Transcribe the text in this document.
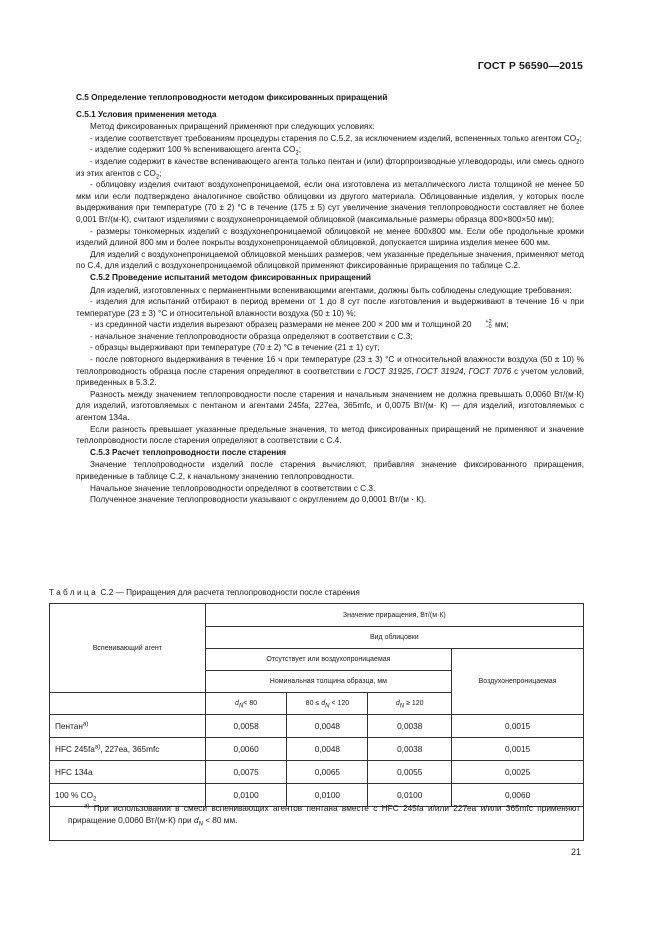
ГОСТ Р 56590—2015

С.5 Определение теплопроводности методом фиксированных приращений

С.5.1 Условия применения метода

Метод фиксированных приращений применяют при следующих условиях:

- изделие соответствует требованиям процедуры старения по С.5.2, за исключением изделий, вспененных только агентом $CO_2$;

- изделие содержит 100 % вспенивающего агента $CO_2$;

- изделие содержит в качестве вспенивающего агента только пентан и (или) фторпроизводные углеводороды, или смесь одного из этих агентов с $CO_2$;

- облицовку изделия считают воздухонепроницаемой, если она изготовлена из металлического листа толщиной не менее 50 мкм или если подтверждено аналогичное свойство облицовки из другого материала. Облицованные изделия, у которых после выдерживания при температуре (70 ± 2) °С в течение (175 ± 5) сут увеличение значения теплопроводности составляет не более 0,001 Вт/(м·К), считают изделиями с воздухонепроницаемой облицовкой (максимальные размеры образца 800×800×50 мм);

- размеры тонкомерных изделий с воздухонепроницаемой облицовкой не менее 600х800 мм. Если обе продольные кромки изделий длиной 800 мм и более покрыты воздухонепроницаемой облицовкой, допускается ширина изделия менее 600 мм.

Для изделий с воздухонепроницаемой облицовкой меньших размеров, чем указанные предельные значения, применяют метод по С.4, для изделий с воздухонепроницаемой облицовкой применяют фиксированные приращения по таблице С.2.

С.5.2 Проведение испытаний методом фиксированных приращений

Для изделий, изготовленных с перманентными вспенивающими агентами, должны быть соблюдены следующие требования:

- изделия для испытаний отбирают в период времени от 1 до 8 сут после изготовления и выдерживают в течение 16 ч при температуре (23 ± 3) °С и относительной влажности воздуха (50 ± 10) %;

- из срединной части изделия вырезают образец размерами не менее 200 × 200 мм и толщиной 20	+2
−0 мм;

- начальное значение теплопроводности образца определяют в соответствии с С.3;

- образцы выдерживают при температуре (70 ± 2) °С в течение (21 ± 1) сут;

- после повторного выдерживания в течение 16 ч при температуре (23 ± 3) °С и относительной влажности воздуха (50 ± 10) % теплопроводность образца после старения определяют в соответствии с ГОСТ 31925, ГОСТ 31924, ГОСТ 7076 с учетом условий, приведенных в 5.3.2.

Разность между значением теплопроводности после старения и начальным значением не должна превышать 0,0060 Вт/(м·К) для изделий, изготовляемых с пентаном и агентами 245fa, 227еа, 365mfc, и 0,0075 Вт/(м· К) — для изделий, изготовляемых с агентом 134a.

Если разность превышает указанные предельные значения, то метод фиксированных приращений не применяют и значение теплопроводности после старения определяют в соответствии с С.4.

С.5.3 Расчет теплопроводности после старения

Значение теплопроводности изделий после старения вычисляют, прибавляя значение фиксированного приращения, приведенные в таблице С.2, к начальному значению теплопроводности.

Начальное значение теплопроводности определяют в соответствии с С.3.

Полученное значение теплопроводности указывают с округлением до 0,0001 Вт/(м · К).

Таблица С.2 — Приращения для расчета теплопроводности после старения
Вспенивающий агент	Значение приращения, Вт/(м·К)			
	Вид облицовки			
	Отсутствует или воздухопроницаемая			Воздухонепроницаемая
	Номинальная толщина образца, мм			
	dN< 80	80 ≤ dN < 120	dN ≥ 120	
Пентан$^{а)}$	0,0058	0,0048	0,0038	0,0015
HFC $245fa^{а)}$, 227ea, 365mfc	0,0060	0,0048	0,0038	0,0015
HFC 134a	0,0075	0,0065	0,0055	0,0025
100 % $CO_2$	0,0100	0,0100	0,0100	0,0060

$^{а)}$ При использовании в смеси вспенивающих агентов пентана вместе с HFC 245fa и/или 227ea и/или 365mfc применяют приращение 0,0060 Вт/(м·К) при $d_N < 80$ мм.
21
